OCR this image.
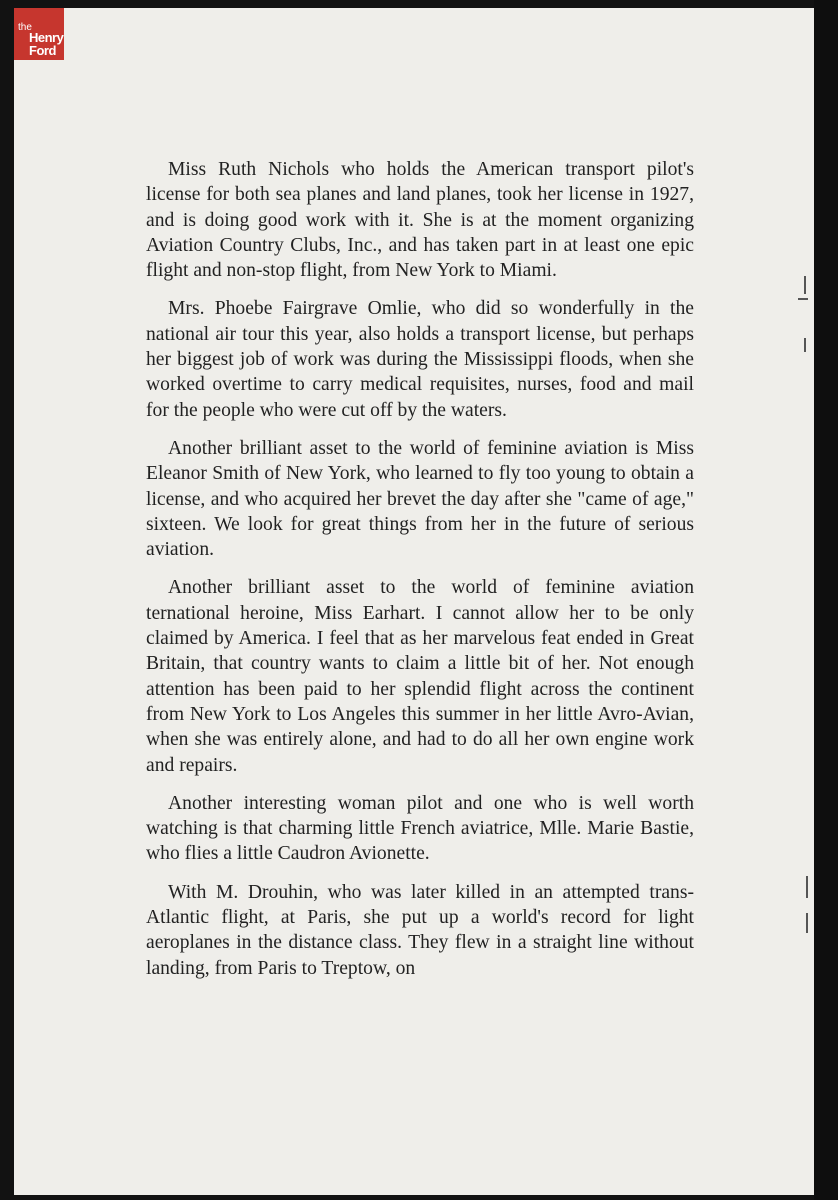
the
Henry
Ford

Miss Ruth Nichols who holds the American transport pilot's license for both sea planes and land planes, took her license in 1927, and is doing good work with it. She is at the moment organizing Aviation Country Clubs, Inc., and has taken part in at least one epic flight and non-stop flight, from New York to Miami.

Mrs. Phoebe Fairgrave Omlie, who did so wonderfully in the national air tour this year, also holds a transport license, but perhaps her biggest job of work was during the Mississippi floods, when she worked overtime to carry medical requisites, nurses, food and mail for the people who were cut off by the waters.

Another brilliant asset to the world of feminine aviation is Miss Eleanor Smith of New York, who learned to fly too young to obtain a license, and who acquired her brevet the day after she "came of age," sixteen. We look for great things from her in the future of serious aviation.

Another brilliant asset to the world of feminine aviation ternational heroine, Miss Earhart. I cannot allow her to be only claimed by America. I feel that as her marvelous feat ended in Great Britain, that country wants to claim a little bit of her. Not enough attention has been paid to her splendid flight across the continent from New York to Los Angeles this summer in her little Avro-Avian, when she was entirely alone, and had to do all her own engine work and repairs.

Another interesting woman pilot and one who is well worth watching is that charming little French aviatrice, Mlle. Marie Bastie, who flies a little Caudron Avionette.

With M. Drouhin, who was later killed in an attempted trans-Atlantic flight, at Paris, she put up a world's record for light aeroplanes in the distance class. They flew in a straight line without landing, from Paris to Treptow, on
